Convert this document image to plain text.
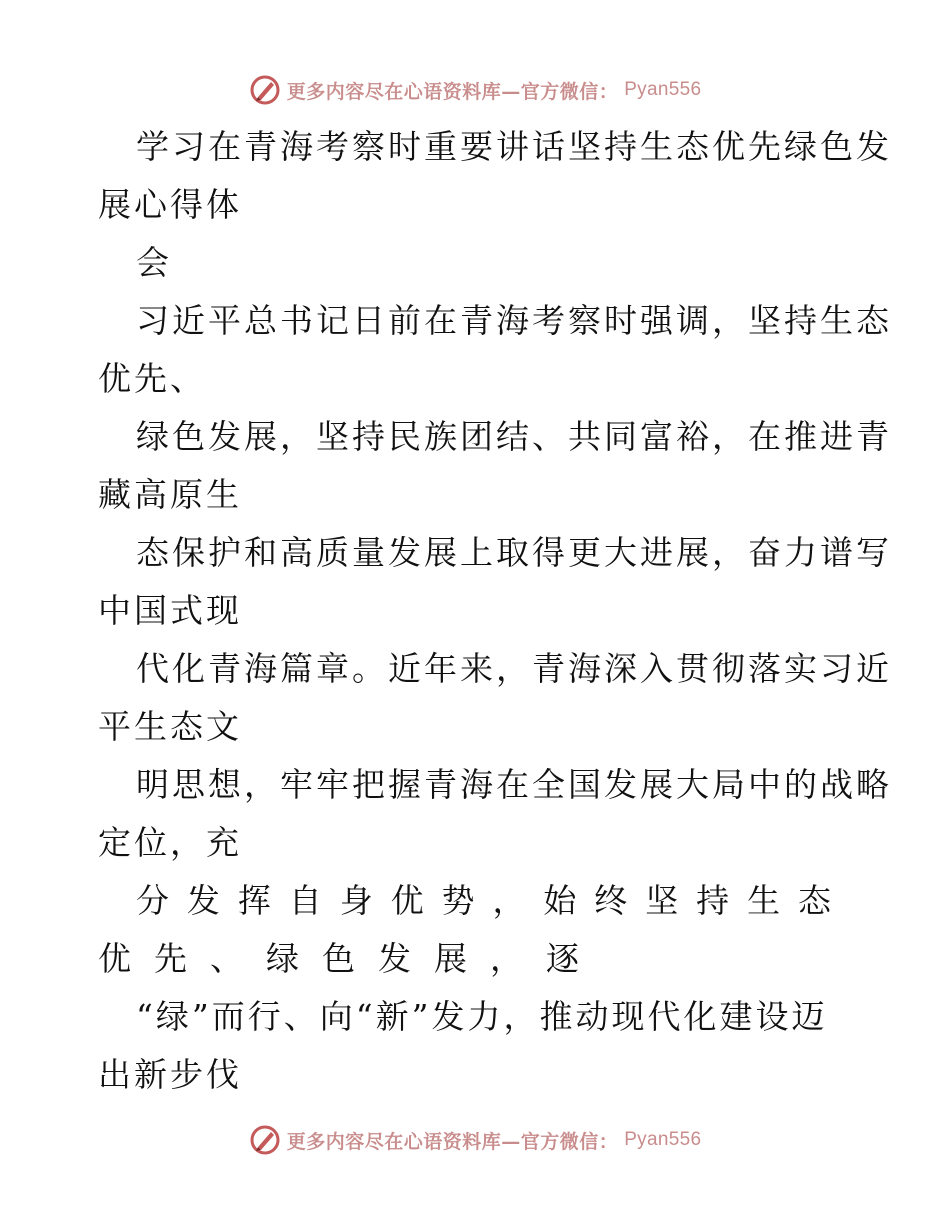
更多内容尽在心语资料库—官方微信： Pyan556
学习在青海考察时重要讲话坚持生态优先绿色发
展心得体
会
习近平总书记日前在青海考察时强调，坚持生态
优先、
绿色发展，坚持民族团结、共同富裕，在推进青
藏高原生
态保护和高质量发展上取得更大进展，奋力谱写
中国式现
代化青海篇章。近年来，青海深入贯彻落实习近
平生态文
明思想，牢牢把握青海在全国发展大局中的战略
定位，充
分 发 挥 自 身 优 势 ， 始 终 坚 持 生 态
优 先 、 绿 色 发 展 ， 逐
“绿”而行、向“新”发力，推动现代化建设迈
出新步伐
更多内容尽在心语资料库—官方微信： Pyan556
